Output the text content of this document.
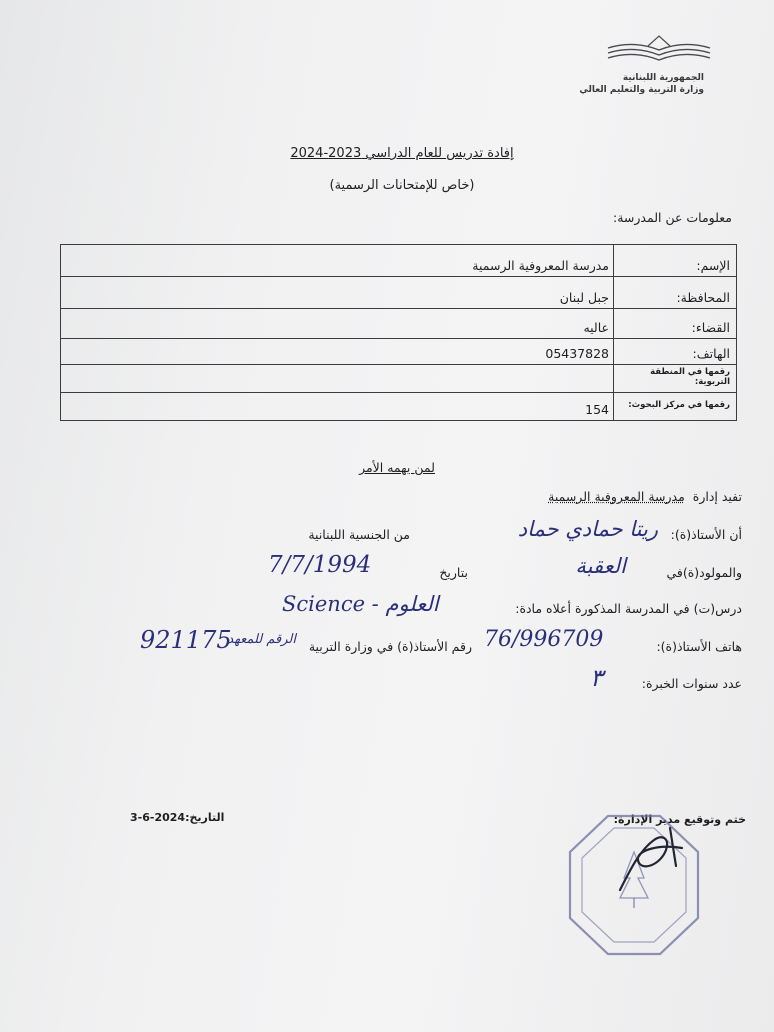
الجمهورية اللبنانية
وزارة التربية والتعليم العالي
إفادة تدريس للعام الدراسي 2023-2024
(خاص للإمتحانات الرسمية)
معلومات عن المدرسة:
الإسم:	مدرسة المعروفية الرسمية
المحافظة:	جبل لبنان
القضاء:	عاليه
الهاتف:	05437828
رقمها في المنطقة التربوية:	
رقمها في مركز البحوث:	154
لمن يهمه الأمر
تفيد إدارة  مدرسة المعروفية الرسمية
أن الأستاذ(ة):
ريتا حمادي حماد
من الجنسية اللبنانية
والمولود(ة)في
العقبة
بتاريخ
7/7/1994
درس(ت) في المدرسة المذكورة أعلاه مادة:
Science - العلوم
هاتف الأستاذ(ة):
76/996709
رقم الأستاذ(ة) في وزارة التربية
الرقم للمعهد
921175
عدد سنوات الخبرة:
٣
ختم وتوقيع مدير الإدارة:
التاريخ:2024-6-3
